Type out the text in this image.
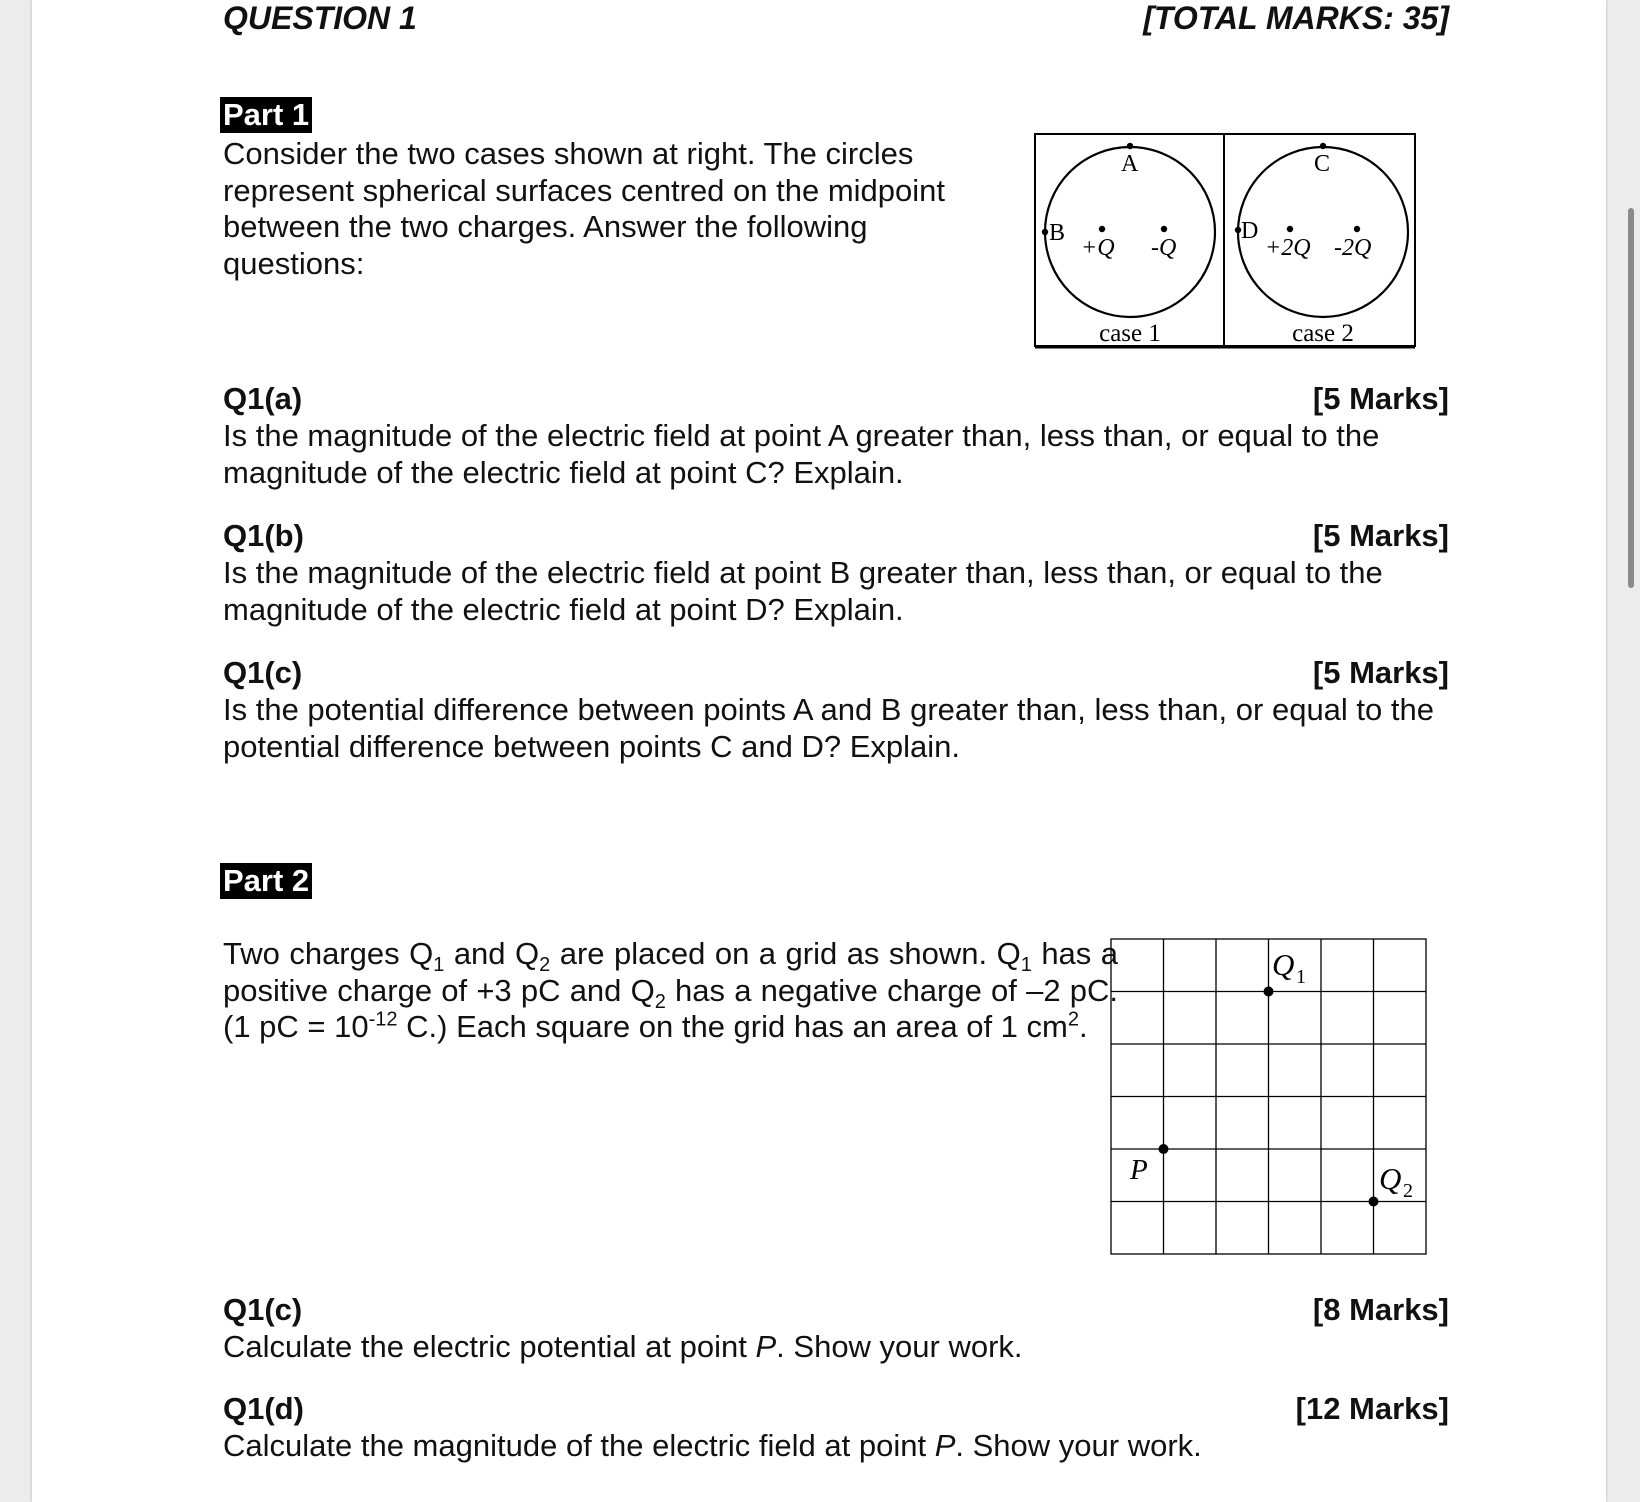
QUESTION 1	[TOTAL MARKS: 35]
Part 1

Consider the two cases shown at right. The circles represent spherical surfaces centred on the midpoint between the two charges. Answer the following questions:

A
B
+Q -Q
case 1
C
D
+2Q -2Q
case 2
Q1(a)	[5 Marks]
Is the magnitude of the electric field at point A greater than, less than, or equal to the magnitude of the electric field at point C? Explain.
Q1(b)	[5 Marks]
Is the magnitude of the electric field at point B greater than, less than, or equal to the magnitude of the electric field at point D? Explain.
Q1(c)	[5 Marks]
Is the potential difference between points A and B greater than, less than, or equal to the potential difference between points C and D? Explain.
Part 2

Two charges $Q_1$ and $Q_2$ are placed on a grid as shown. $Q_1$ has a positive charge of +3 pC and $Q_2$ has a negative charge of –2 pC. (1 pC = $10^{-12}$ C.) Each square on the grid has an area of 1 $cm^2$.

Q 1
P	Q 2
Q1(c)	[8 Marks]
Calculate the electric potential at point P. Show your work.
Q1(d)	[12 Marks]
Calculate the magnitude of the electric field at point P. Show your work.
